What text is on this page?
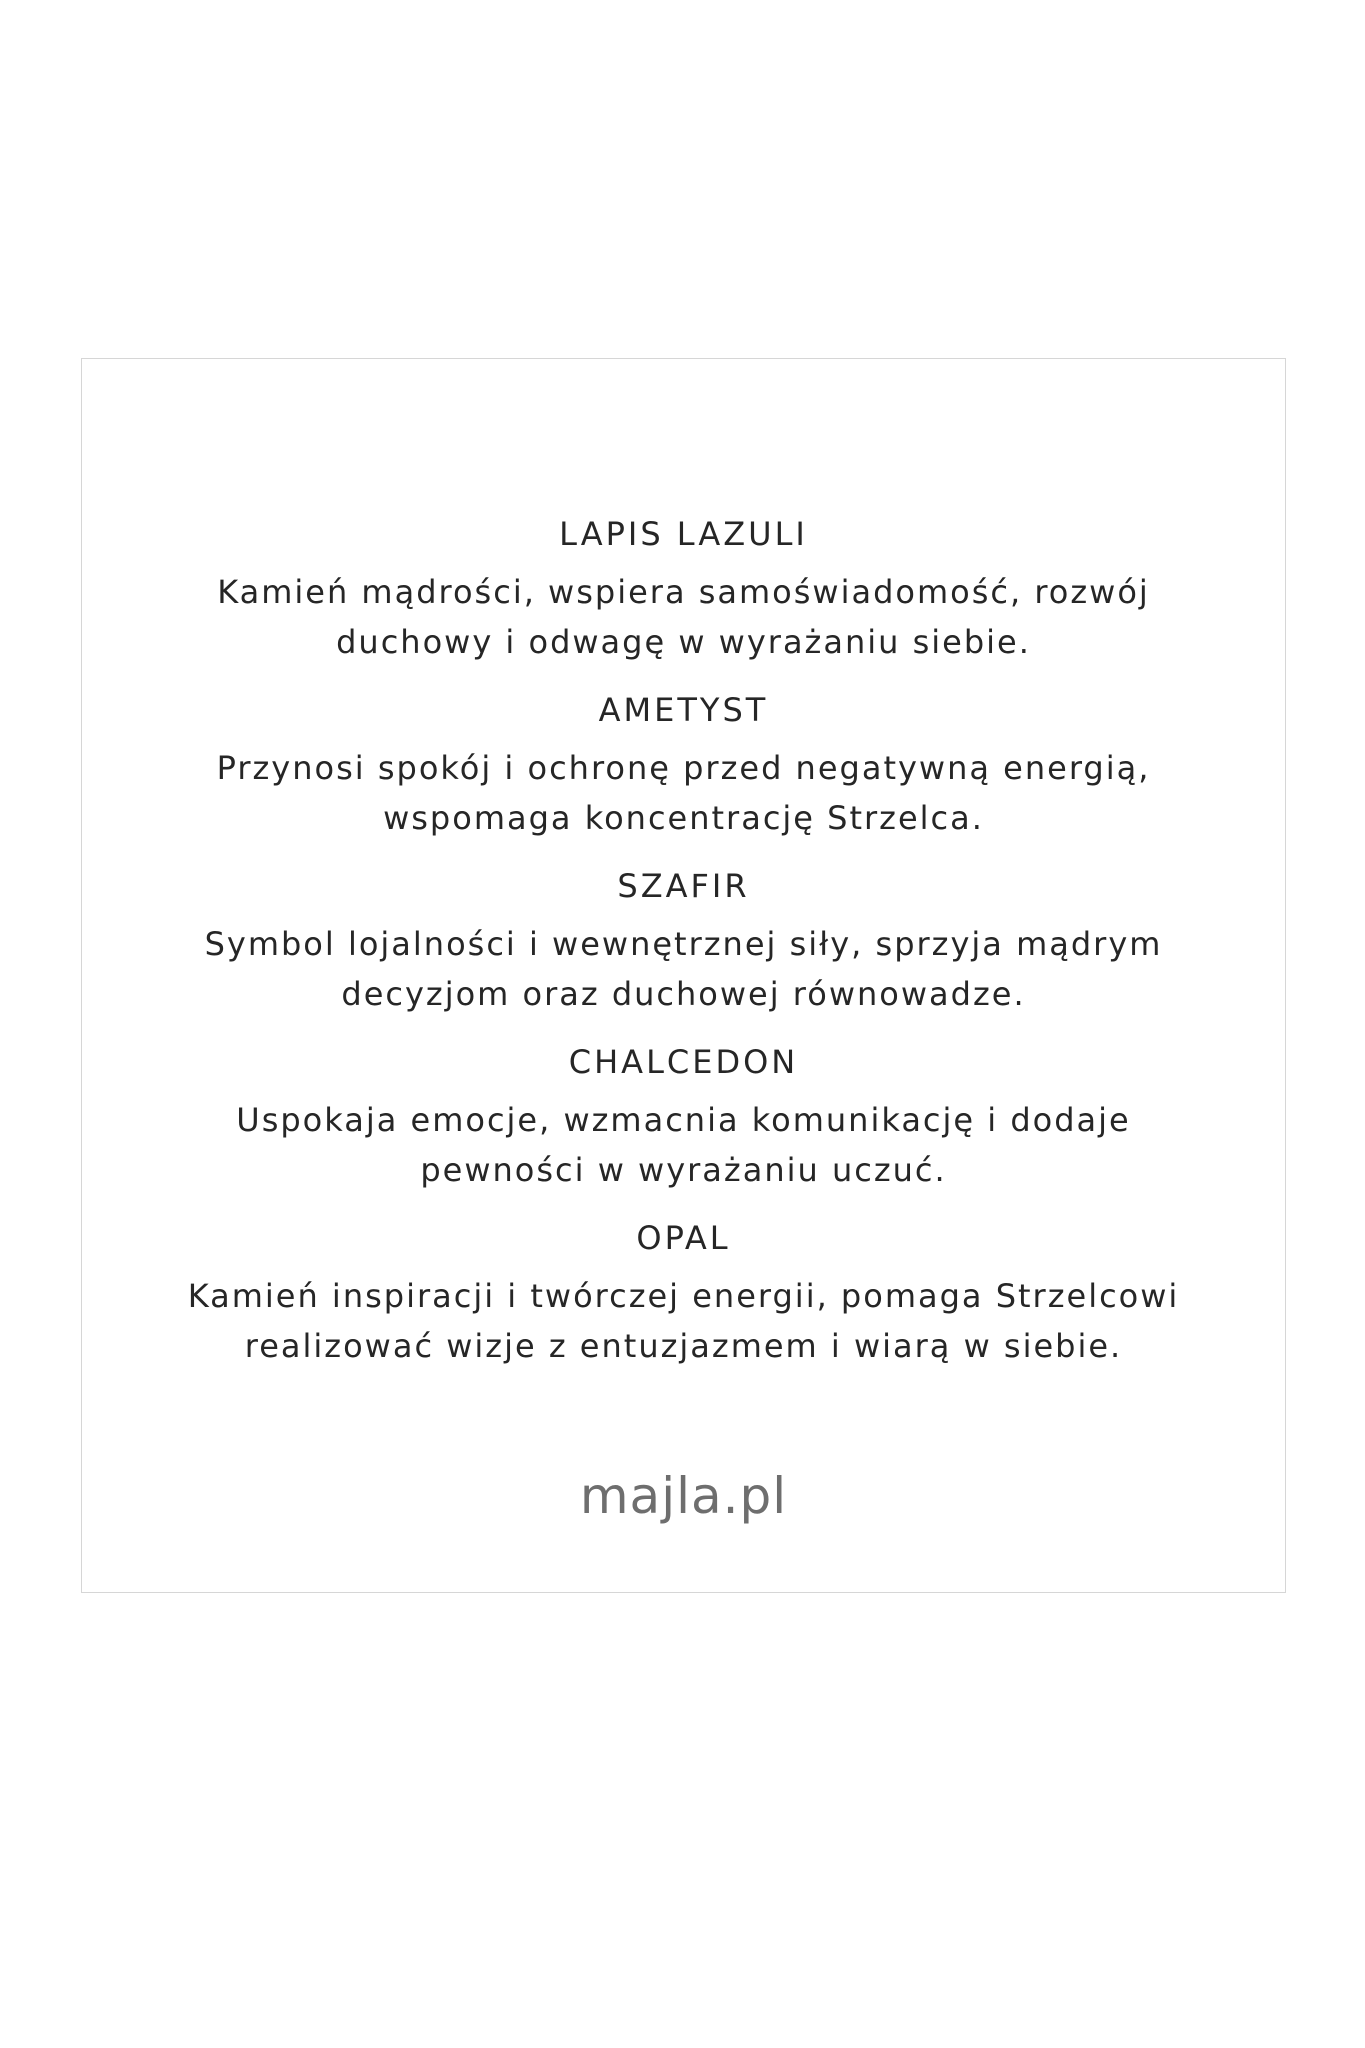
LAPIS LAZULI
Kamień mądrości, wspiera samoświadomość, rozwój duchowy i odwagę w wyrażaniu siebie.
AMETYST
Przynosi spokój i ochronę przed negatywną energią, wspomaga koncentrację Strzelca.
SZAFIR
Symbol lojalności i wewnętrznej siły, sprzyja mądrym decyzjom oraz duchowej równowadze.
CHALCEDON
Uspokaja emocje, wzmacnia komunikację i dodaje pewności w wyrażaniu uczuć.
OPAL
Kamień inspiracji i twórczej energii, pomaga Strzelcowi realizować wizje z entuzjazmem i wiarą w siebie.
majla.pl
